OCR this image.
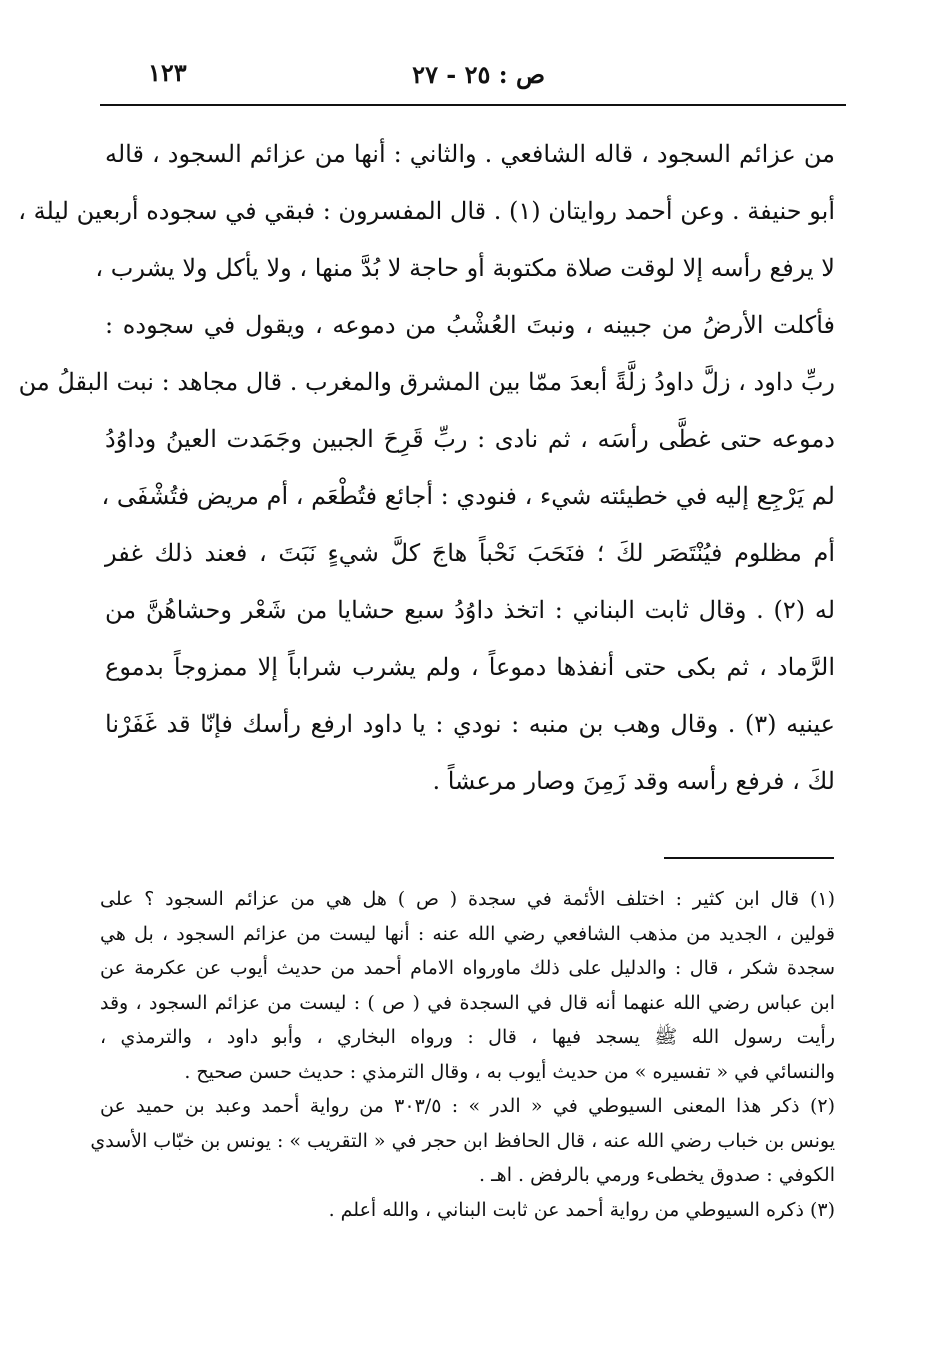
ص : ٢٥ - ٢٧
١٢٣
من عزائم السجود ، قاله الشافعي . والثاني : أنها من عزائم السجود ، قاله
أبو حنيفة . وعن أحمد روايتان (١) . قال المفسرون : فبقي في سجوده أربعين ليلة ،
لا يرفع رأسه إلا لوقت صلاة مكتوبة أو حاجة لا بُدَّ منها ، ولا يأكل ولا يشرب ،
فأكلت الأرضُ من جبينه ، ونبتَ العُشْبُ من دموعه ، ويقول في سجوده :
ربِّ داود ، زلَّ داودُ زلَّةً أبعدَ ممّا بين المشرق والمغرب . قال مجاهد : نبت البقلُ من
دموعه حتى غطَّى رأسَه ، ثم نادى : ربِّ قَرِحَ الجبين وجَمَدت العينُ وداوُدُ
لم يَرْجِع إليه في خطيئته شيء ، فنودي : أجائع فتُطْعَم ، أم مريض فتُشْفَى ،
أم مظلوم فيُنْتَصَر لكَ ؛ فنَحَبَ نَحْباً هاجَ كلَّ شيءٍ نَبَتَ ، فعند ذلك غفر
له (٢) . وقال ثابت البناني : اتخذ داوُدُ سبع حشايا من شَعْر وحشاهُنَّ من
الرَّماد ، ثم بكى حتى أنفذها دموعاً ، ولم يشرب شراباً إلا ممزوجاً بدموع
عينيه (٣) . وقال وهب بن منبه : نودي : يا داود ارفع رأسك فإنّا قد غَفَرْنا
لكَ ، فرفع رأسه وقد زَمِنَ وصار مرعشاً .
(١) قال ابن كثير : اختلف الأئمة في سجدة ( ص ) هل هي من عزائم السجود ؟ على
قولين ، الجديد من مذهب الشافعي رضي الله عنه : أنها ليست من عزائم السجود ، بل هي
سجدة شكر ، قال : والدليل على ذلك ماورواه الامام أحمد من حديث أيوب عن عكرمة عن
ابن عباس رضي الله عنهما أنه قال في السجدة في ( ص ) : ليست من عزائم السجود ، وقد
رأيت رسول الله ﷺ يسجد فيها ، قال : ورواه البخاري ، وأبو داود ، والترمذي ،
والنسائي في « تفسيره » من حديث أيوب به ، وقال الترمذي : حديث حسن صحيح .
(٢) ذكر هذا المعنى السيوطي في « الدر » : ٣٠٣/٥ من رواية أحمد وعبد بن حميد عن
يونس بن خباب رضي الله عنه ، قال الحافظ ابن حجر في « التقريب » : يونس بن خبّاب الأسدي
الكوفي : صدوق يخطىء ورمي بالرفض . اهـ .
(٣) ذكره السيوطي من رواية أحمد عن ثابت البناني ، والله أعلم .
